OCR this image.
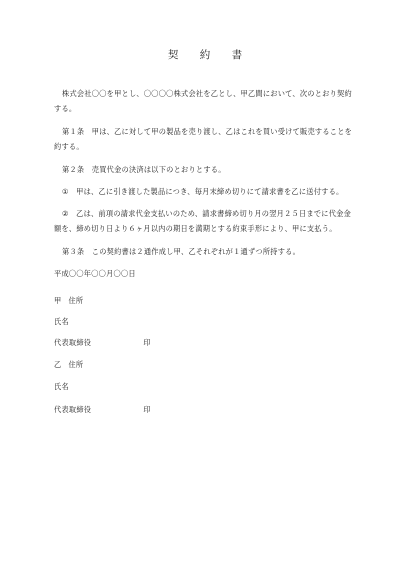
契 約 書
株式会社〇〇を甲とし、〇〇〇〇株式会社を乙とし、甲乙間において、次のとおり契約する。
第１条　甲は、乙に対して甲の製品を売り渡し、乙はこれを買い受けて販売することを約する。
第２条　売買代金の決済は以下のとおりとする。
①　甲は、乙に引き渡した製品につき、毎月末締め切りにて請求書を乙に送付する。
②　乙は、前項の請求代金支払いのため、請求書締め切り月の翌月２５日までに代金金額を、締め切り日より６ヶ月以内の期日を満期とする約束手形により、甲に支払う。
第３条　この契約書は２通作成し甲、乙それぞれが１通ずつ所持する。
平成〇〇年〇〇月〇〇日
甲 住所
氏名
代表取締役	印
乙 住所
氏名
代表取締役	印
